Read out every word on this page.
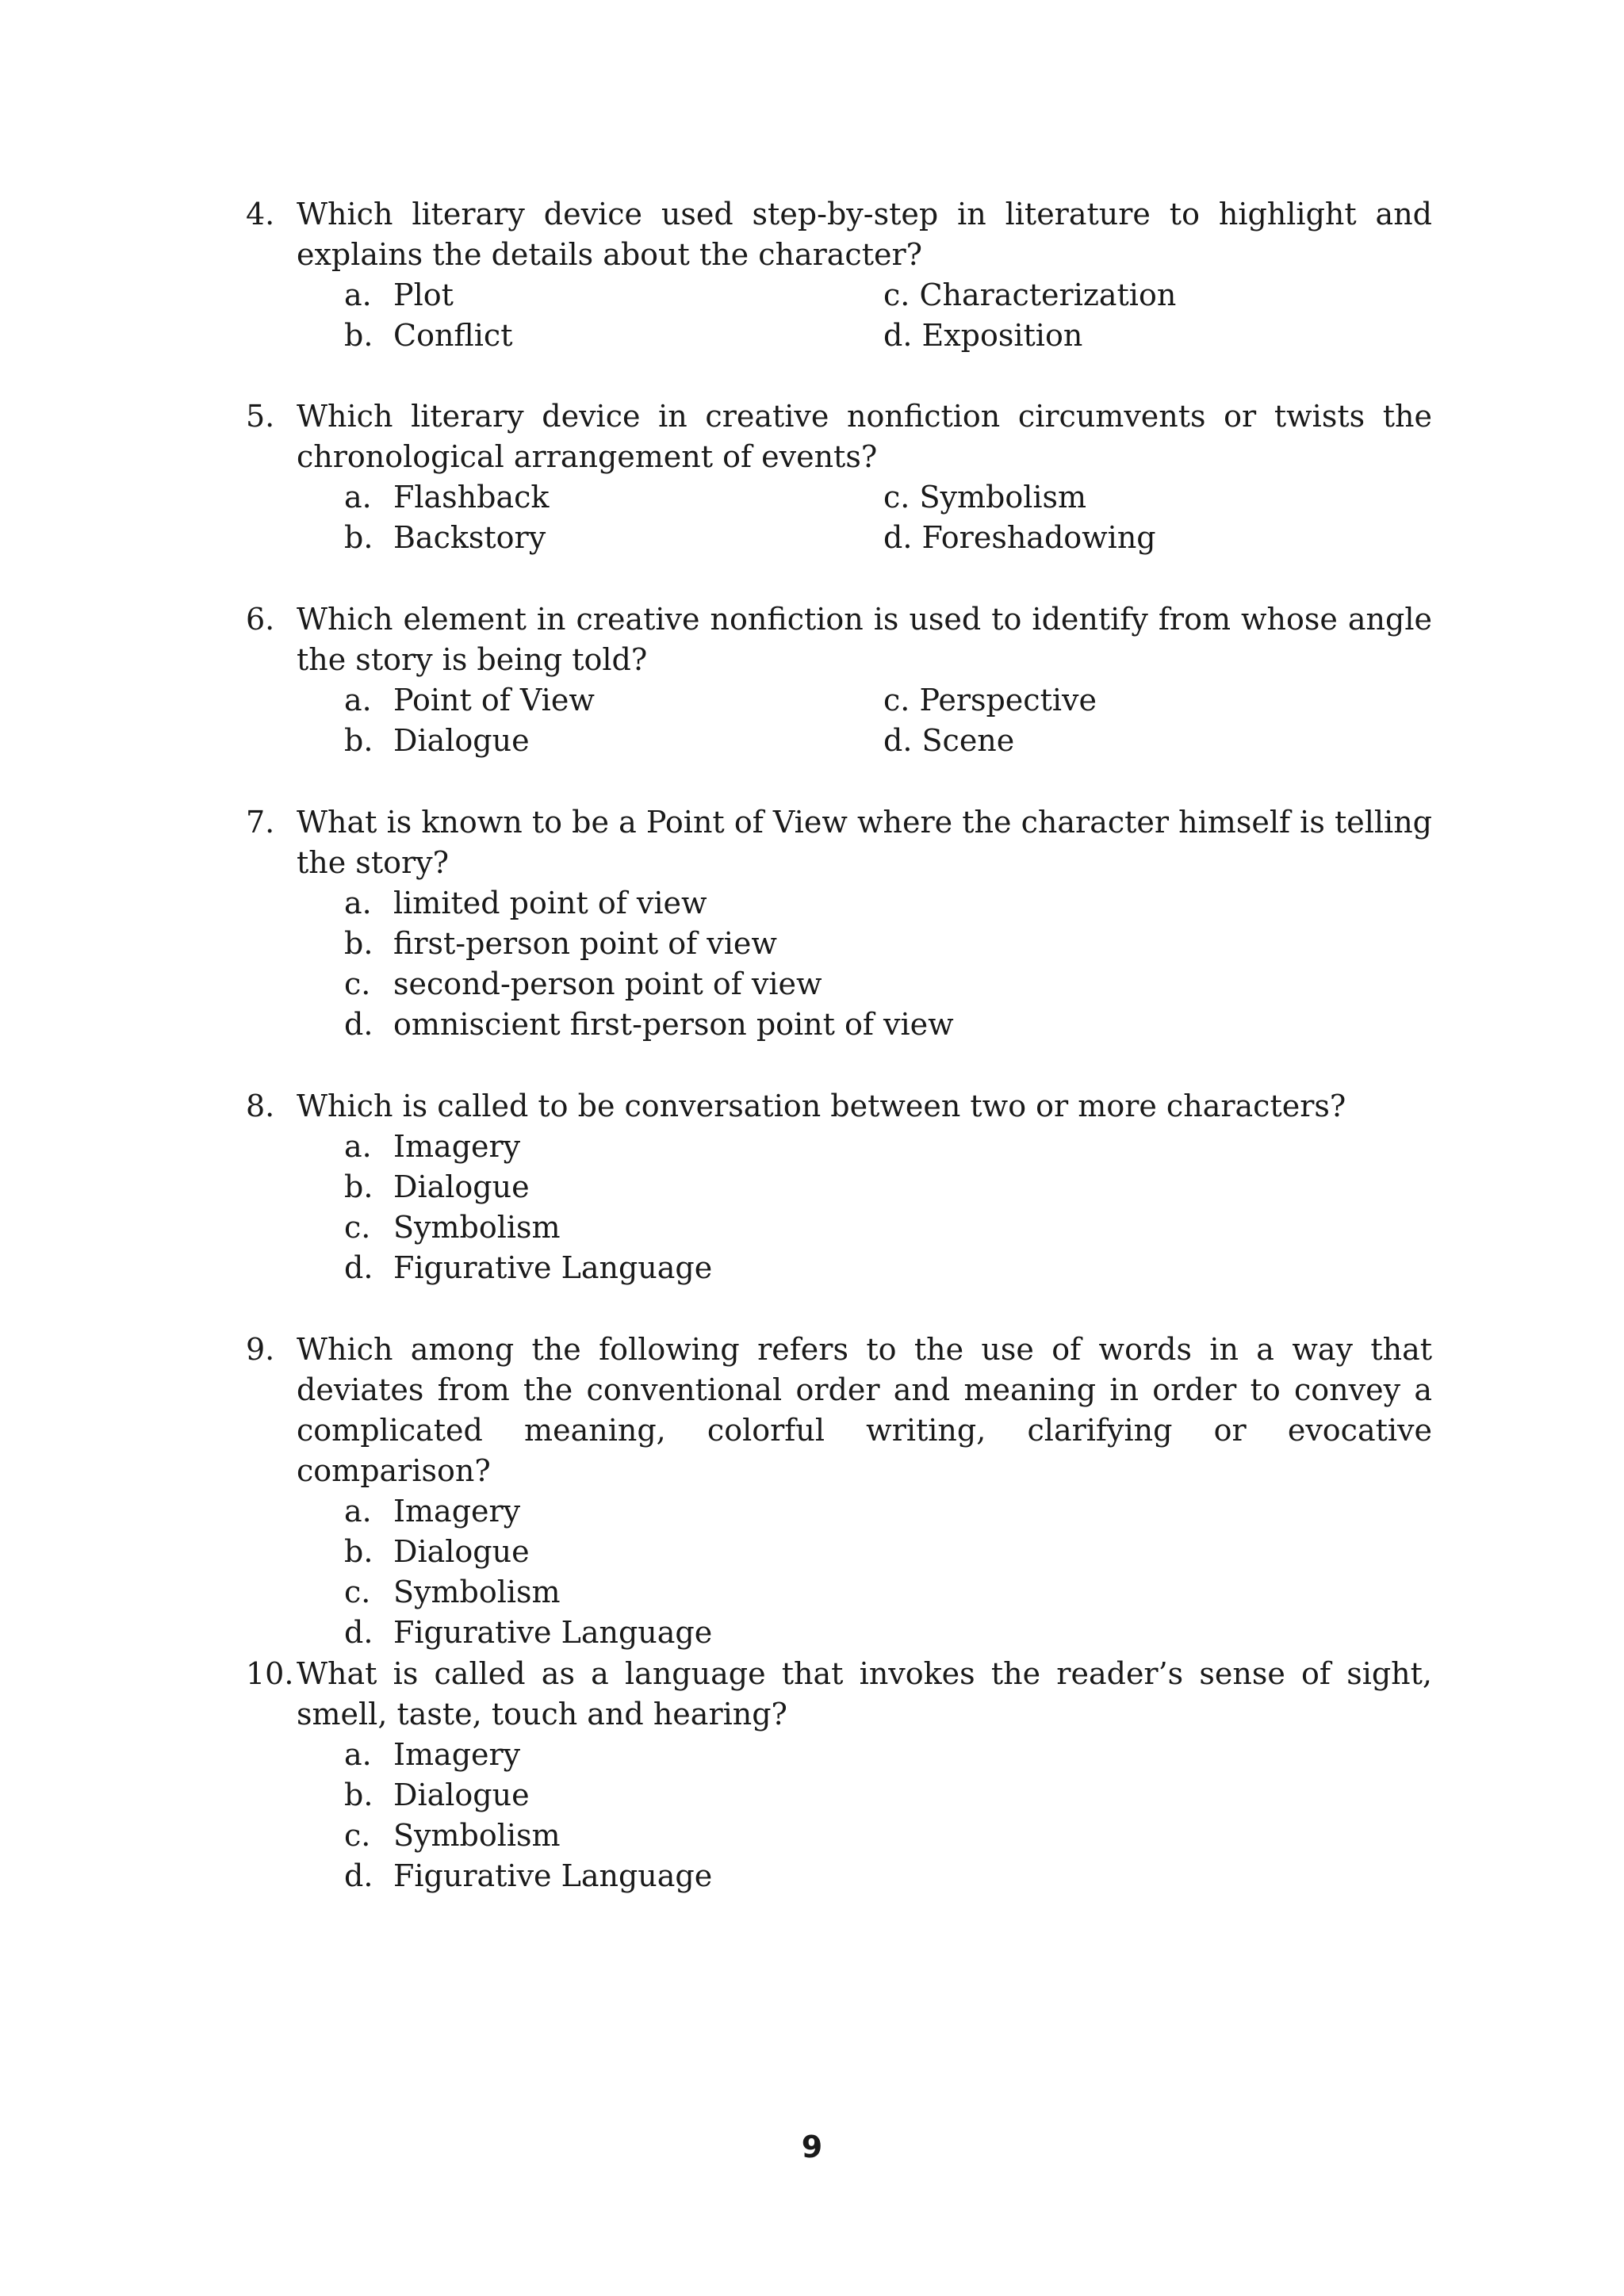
4. Which literary device used step-by-step in literature to highlight and explains the details about the character?
a. Plot	c. Characterization
b. Conflict	d. Exposition
5. Which literary device in creative nonfiction circumvents or twists the chronological arrangement of events?
a. Flashback	c. Symbolism
b. Backstory	d. Foreshadowing
6. Which element in creative nonfiction is used to identify from whose angle the story is being told?
a. Point of View	c. Perspective
b. Dialogue	d. Scene
7. What is known to be a Point of View where the character himself is telling the story?
a. limited point of view
b. first-person point of view
c. second-person point of view
d. omniscient first-person point of view
8. Which is called to be conversation between two or more characters?
a. Imagery
b. Dialogue
c. Symbolism
d. Figurative Language
9. Which among the following refers to the use of words in a way that deviates from the conventional order and meaning in order to convey a complicated meaning, colorful writing, clarifying or evocative comparison?
a. Imagery
b. Dialogue
c. Symbolism
d. Figurative Language
10. What is called as a language that invokes the reader’s sense of sight, smell, taste, touch and hearing?
a. Imagery
b. Dialogue
c. Symbolism
d. Figurative Language
9
